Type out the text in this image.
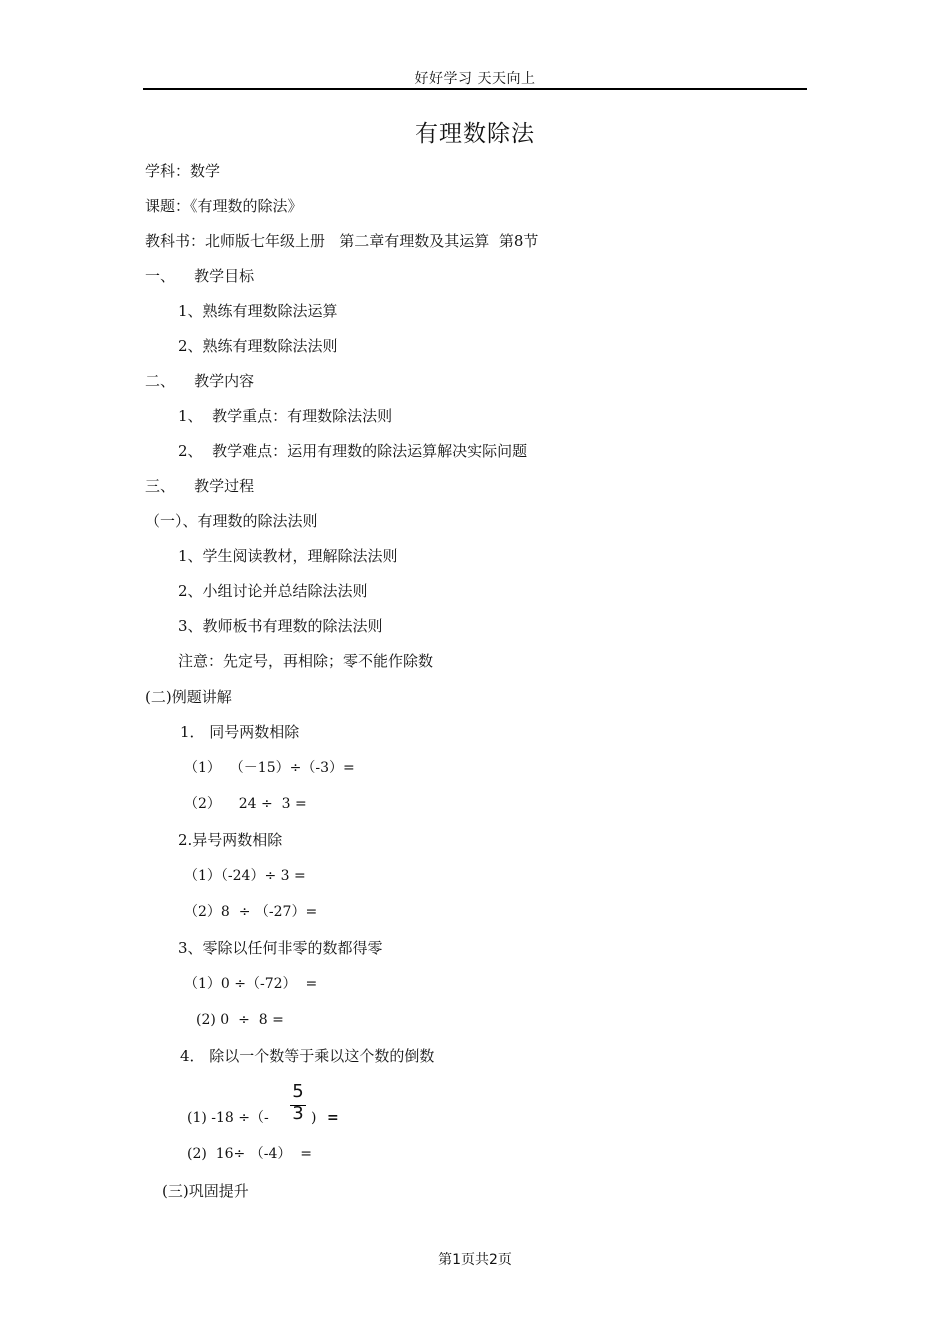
好好学习 天天向上
有理数除法
学科：数学
课题：《有理数的除法》
教科书：北师版七年级上册   第二章有理数及其运算  第8节
一、    教学目标
1、熟练有理数除法运算
2、熟练有理数除法法则
二、    教学内容
1、  教学重点：有理数除法法则
2、  教学难点：运用有理数的除法运算解决实际问题
三、    教学过程
（一）、有理数的除法法则
1、学生阅读教材，理解除法法则
2、小组讨论并总结除法法则
3、教师板书有理数的除法法则
注意：先定号，再相除；零不能作除数
(二)例题讲解
1． 同号两数相除
（1）  （－15）÷（-3）=
（2）    24 ÷  3 =
2.异号两数相除
（1）（-24）÷ 3 =
（2）8  ÷ （-27）=
3、零除以任何非零的数都得零
（1）0 ÷（-72）  =
(2) 0  ÷  8 =
4． 除以一个数等于乘以这个数的倒数
(1) -18 ÷（-
5
3 ) =
(2)  16÷ （-4）  =
(三)巩固提升
第1页共2页
